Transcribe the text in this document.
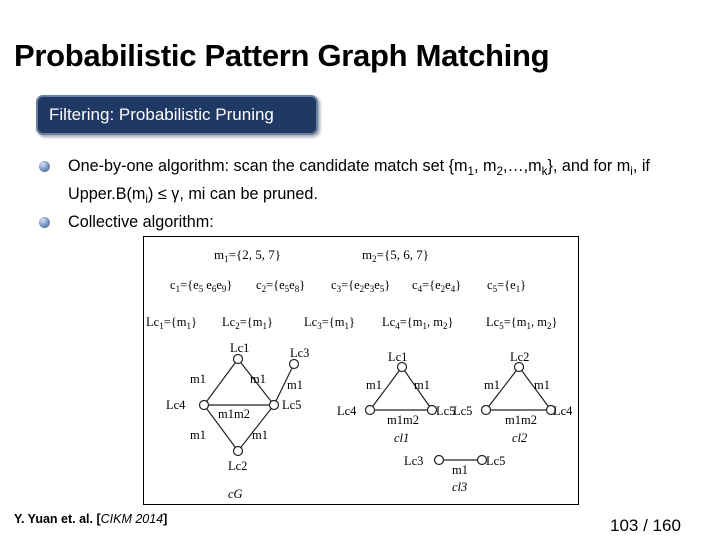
Probabilistic Pattern Graph Matching
Filtering: Probabilistic Pruning
One-by-one algorithm: scan the candidate match set {$m_1$, $m_2,\dots,m_k$}, and for $m_i$, if $Upper.B(m_i) \le \gamma$, mi can be pruned.
Collective algorithm:
$m_1=\{2$, 5, 7}	$m_2=\{5$, 6, 7}
$c_1=\{e_5$ $e_6e_9$} $c_2=\{e_5e_8\}$ $c_3=\{e_2e_3e_5\}$ $c_4=\{e_2e_4\}$ $c_5=\{e_1\}$
$Lc_1=\{m_1\}$ $Lc_2=\{m_1\}$ $Lc_3=\{m_1\}$ $Lc_4=\{m_1$, $m_2$}	$Lc_5=\{m_1$, $m_2$}
Lc1
Lc4	Lc5
Lc2
Lc3
m1	m1
m1m2
m1	m1
m1
cG
Lc1
Lc4	Lc5
m1	m1
m1m2
cl1
Lc2
Lc5	Lc4
m1	m1
m1m2
cl2
Lc3	Lc5
m1
cl3
Y. Yuan et. al. [CIKM 2014]	103 / 160
